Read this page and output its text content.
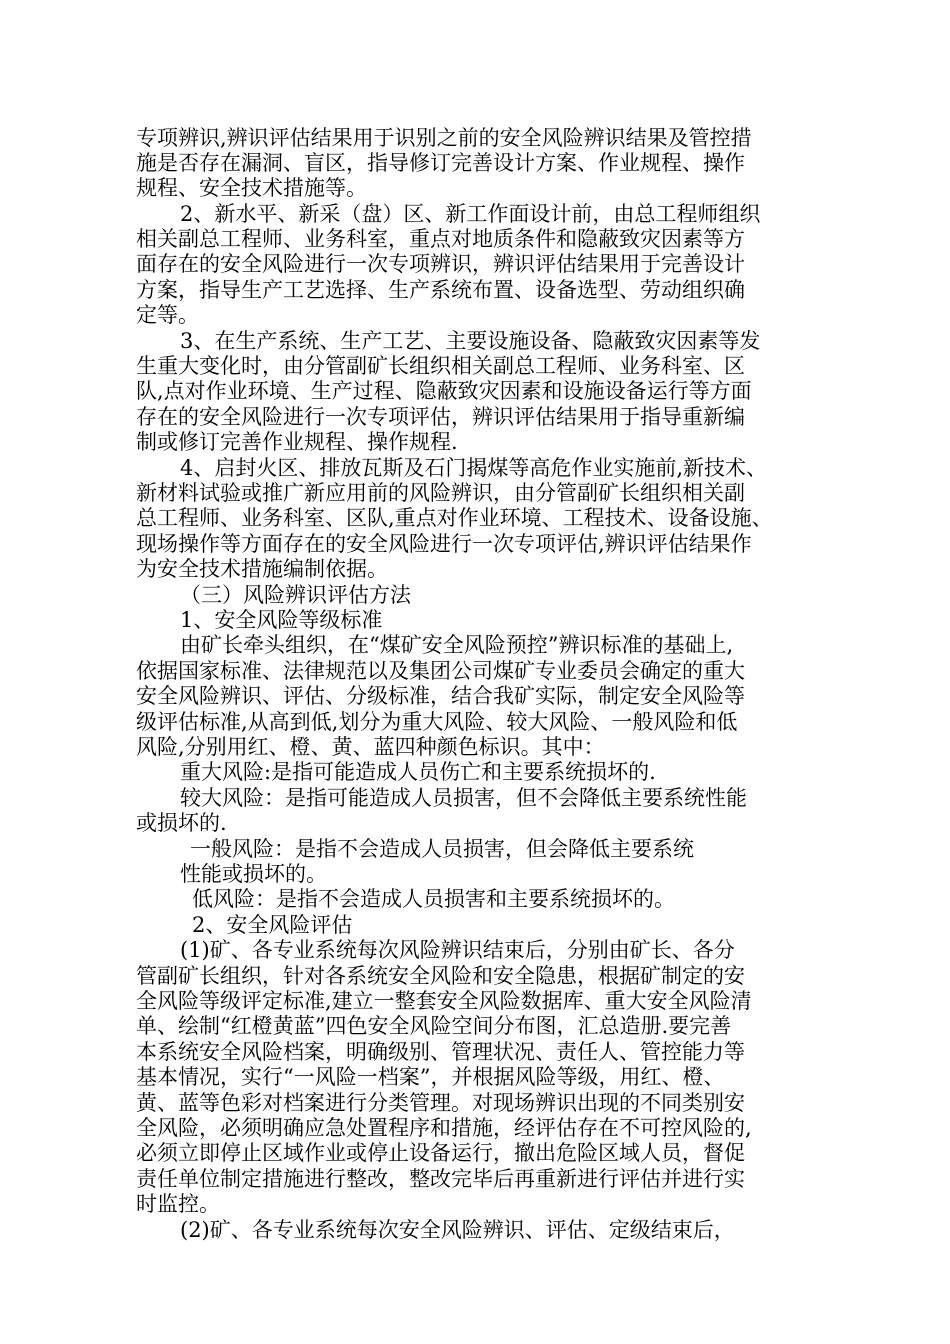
专项辨识,辨识评估结果用于识别之前的安全风险辨识结果及管控措
施是否存在漏洞、盲区，指导修订完善设计方案、作业规程、操作
规程、安全技术措施等。
2、新水平、新采（盘）区、新工作面设计前，由总工程师组织
相关副总工程师、业务科室，重点对地质条件和隐蔽致灾因素等方
面存在的安全风险进行一次专项辨识，辨识评估结果用于完善设计
方案，指导生产工艺选择、生产系统布置、设备选型、劳动组织确
定等。
3、在生产系统、生产工艺、主要设施设备、隐蔽致灾因素等发
生重大变化时，由分管副矿长组织相关副总工程师、业务科室、区
队,点对作业环境、生产过程、隐蔽致灾因素和设施设备运行等方面
存在的安全风险进行一次专项评估，辨识评估结果用于指导重新编
制或修订完善作业规程、操作规程.
4、启封火区、排放瓦斯及石门揭煤等高危作业实施前,新技术、
新材料试验或推广新应用前的风险辨识，由分管副矿长组织相关副
总工程师、业务科室、区队,重点对作业环境、工程技术、设备设施、
现场操作等方面存在的安全风险进行一次专项评估,辨识评估结果作
为安全技术措施编制依据。
（三）风险辨识评估方法
1、安全风险等级标准
由矿长牵头组织，在“煤矿安全风险预控”辨识标准的基础上,
依据国家标准、法律规范以及集团公司煤矿专业委员会确定的重大
安全风险辨识、评估、分级标准，结合我矿实际，制定安全风险等
级评估标准,从高到低,划分为重大风险、较大风险、一般风险和低
风险,分别用红、橙、黄、蓝四种颜色标识。其中：
重大风险:是指可能造成人员伤亡和主要系统损坏的.
较大风险：是指可能造成人员损害，但不会降低主要系统性能
或损坏的.
一般风险：是指不会造成人员损害，但会降低主要系统
性能或损坏的。
低风险：是指不会造成人员损害和主要系统损坏的。
2、安全风险评估
(1)矿、各专业系统每次风险辨识结束后，分别由矿长、各分
管副矿长组织，针对各系统安全风险和安全隐患，根据矿制定的安
全风险等级评定标准,建立一整套安全风险数据库、重大安全风险清
单、绘制“红橙黄蓝”四色安全风险空间分布图，汇总造册.要完善
本系统安全风险档案，明确级别、管理状况、责任人、管控能力等
基本情况，实行“一风险一档案”，并根据风险等级，用红、橙、
黄、蓝等色彩对档案进行分类管理。对现场辨识出现的不同类别安
全风险，必须明确应急处置程序和措施，经评估存在不可控风险的,
必须立即停止区域作业或停止设备运行，撤出危险区域人员，督促
责任单位制定措施进行整改，整改完毕后再重新进行评估并进行实
时监控。
(2)矿、各专业系统每次安全风险辨识、评估、定级结束后，
